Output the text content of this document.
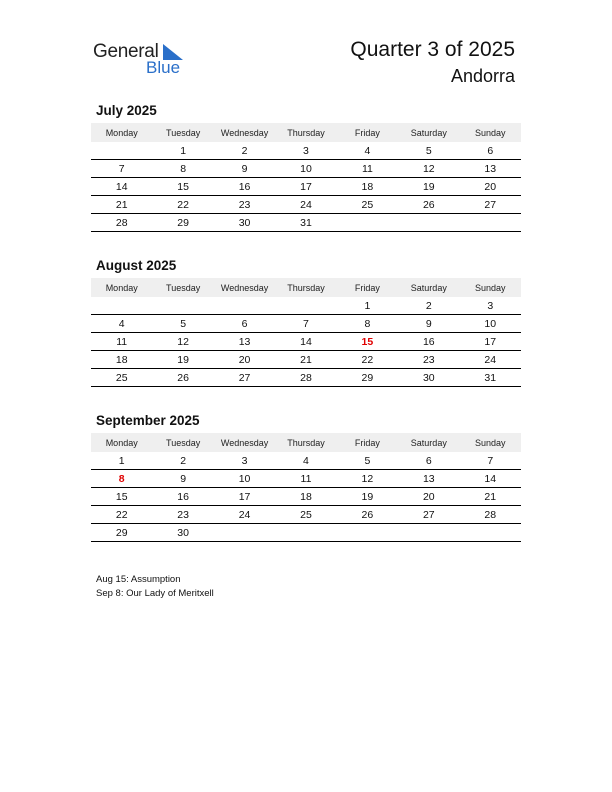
General
Blue
Quarter 3 of 2025
Andorra
July 2025
Monday	Tuesday	Wednesday	Thursday	Friday	Saturday	Sunday
	1	2	3	4	5	6
7	8	9	10	11	12	13
14	15	16	17	18	19	20
21	22	23	24	25	26	27
28	29	30	31			
August 2025
Monday	Tuesday	Wednesday	Thursday	Friday	Saturday	Sunday
				1	2	3
4	5	6	7	8	9	10
11	12	13	14	15	16	17
18	19	20	21	22	23	24
25	26	27	28	29	30	31
September 2025
Monday	Tuesday	Wednesday	Thursday	Friday	Saturday	Sunday
1	2	3	4	5	6	7
8	9	10	11	12	13	14
15	16	17	18	19	20	21
22	23	24	25	26	27	28
29	30					
Aug 15: Assumption
Sep 8: Our Lady of Meritxell
